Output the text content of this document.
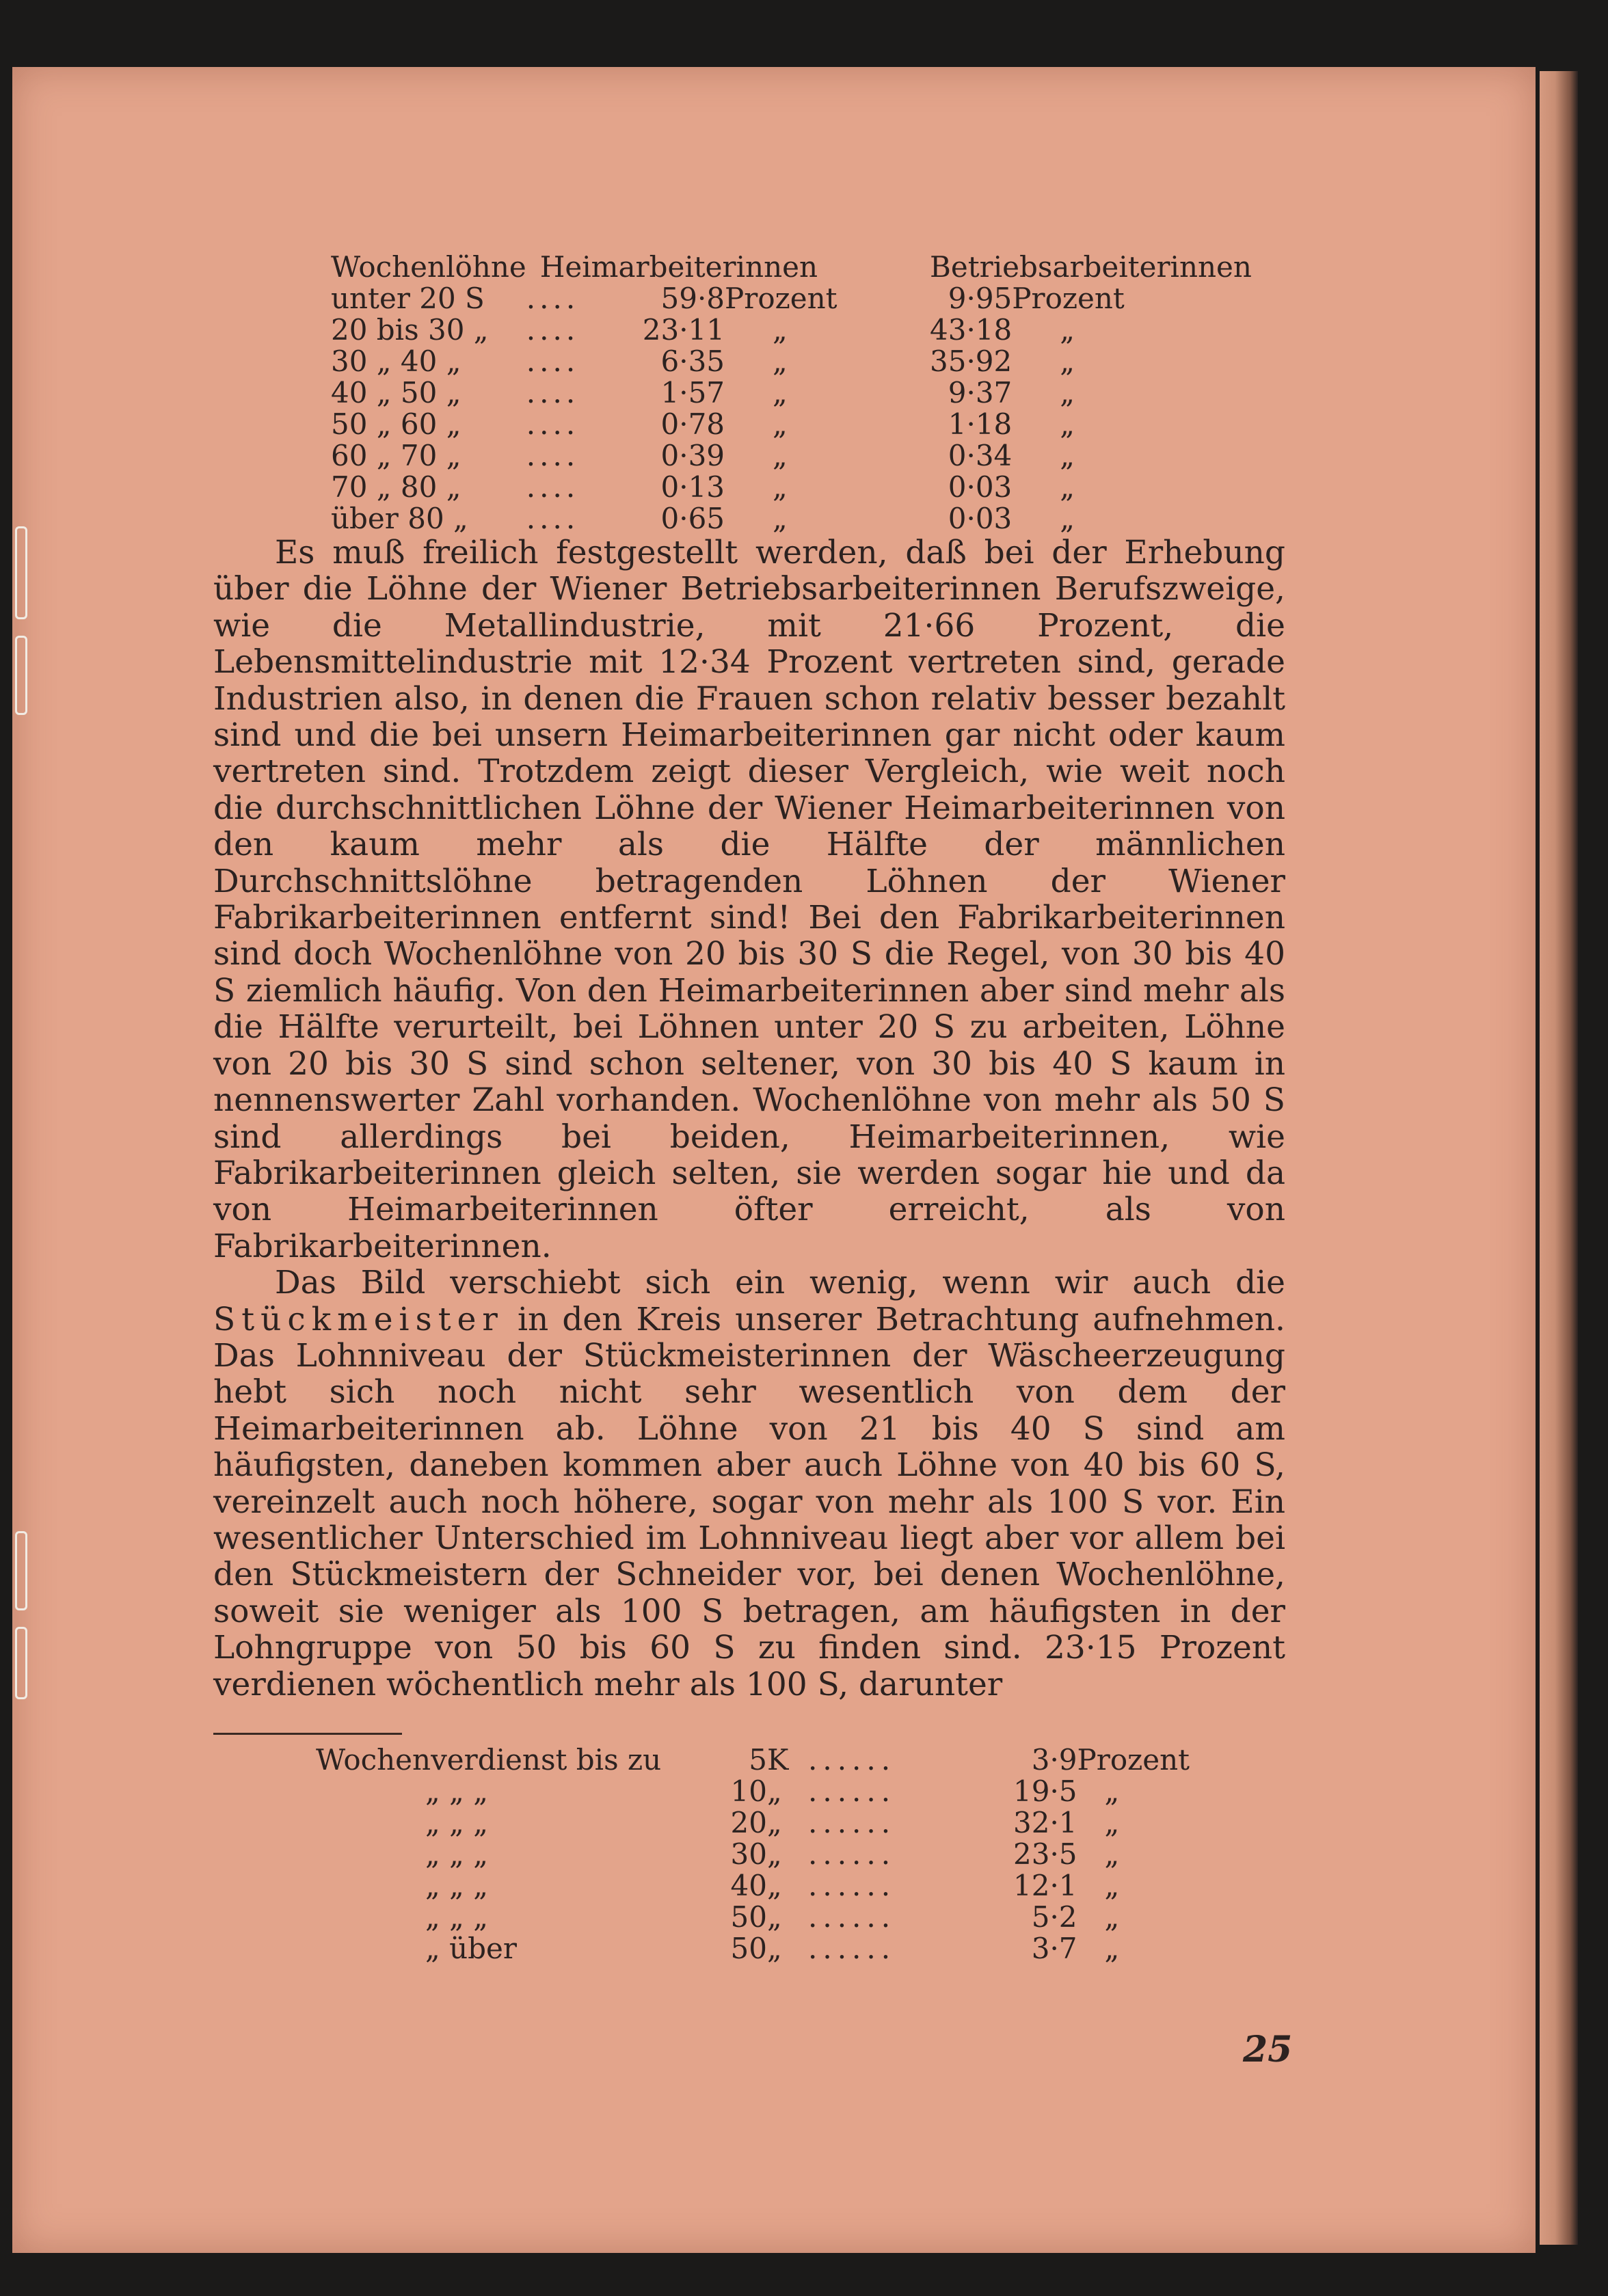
Wochenlöhne	Heimarbeiterinnen			Betriebsarbeiterinnen	
unter 20 S	....	59·8	Prozent	9·95	Prozent
20 bis 30 „	....	23·11	„	43·18	„
30 „ 40 „	....	6·35	„	35·92	„
40 „ 50 „	....	1·57	„	9·37	„
50 „ 60 „	....	0·78	„	1·18	„
60 „ 70 „	....	0·39	„	0·34	„
70 „ 80 „	....	0·13	„	0·03	„
über 80 „	....	0·65	„	0·03	„

Es muß freilich festgestellt werden, daß bei der Erhebung über die Löhne der Wiener Betriebsarbeiterinnen Berufszweige, wie die Metallindustrie, mit 21·66 Prozent, die Lebensmittelindustrie mit 12·34 Prozent vertreten sind, gerade Industrien also, in denen die Frauen schon relativ besser bezahlt sind und die bei unsern Heimarbeiterinnen gar nicht oder kaum vertreten sind. Trotzdem zeigt dieser Vergleich, wie weit noch die durchschnittlichen Löhne der Wiener Heimarbeiterinnen von den kaum mehr als die Hälfte der männlichen Durchschnittslöhne betragenden Löhnen der Wiener Fabrikarbeiterinnen entfernt sind! Bei den Fabrikarbeiterinnen sind doch Wochenlöhne von 20 bis 30 S die Regel, von 30 bis 40 S ziemlich häufig. Von den Heimarbeiterinnen aber sind mehr als die Hälfte verurteilt, bei Löhnen unter 20 S zu arbeiten, Löhne von 20 bis 30 S sind schon seltener, von 30 bis 40 S kaum in nennenswerter Zahl vorhanden. Wochenlöhne von mehr als 50 S sind allerdings bei beiden, Heimarbeiterinnen, wie Fabrikarbeiterinnen gleich selten, sie werden sogar hie und da von Heimarbeiterinnen öfter erreicht, als von Fabrikarbeiterinnen.

Das Bild verschiebt sich ein wenig, wenn wir auch die Stückmeister in den Kreis unserer Betrachtung aufnehmen. Das Lohnniveau der Stückmeisterinnen der Wäscheerzeugung hebt sich noch nicht sehr wesentlich von dem der Heimarbeiterinnen ab. Löhne von 21 bis 40 S sind am häufigsten, daneben kommen aber auch Löhne von 40 bis 60 S, vereinzelt auch noch höhere, sogar von mehr als 100 S vor. Ein wesentlicher Unterschied im Lohnniveau liegt aber vor allem bei den Stückmeistern der Schneider vor, bei denen Wochenlöhne, soweit sie weniger als 100 S betragen, am häufigsten in der Lohngruppe von 50 bis 60 S zu finden sind. 23·15 Prozent verdienen wöchentlich mehr als 100 S, darunter

Wochenverdienst bis zu	5	K	......	3·9	Prozent
„ „ „	10	„	......	19·5	„
„ „ „	20	„	......	32·1	„
„ „ „	30	„	......	23·5	„
„ „ „	40	„	......	12·1	„
„ „ „	50	„	......	5·2	„
„ über	50	„	......	3·7	„
25
